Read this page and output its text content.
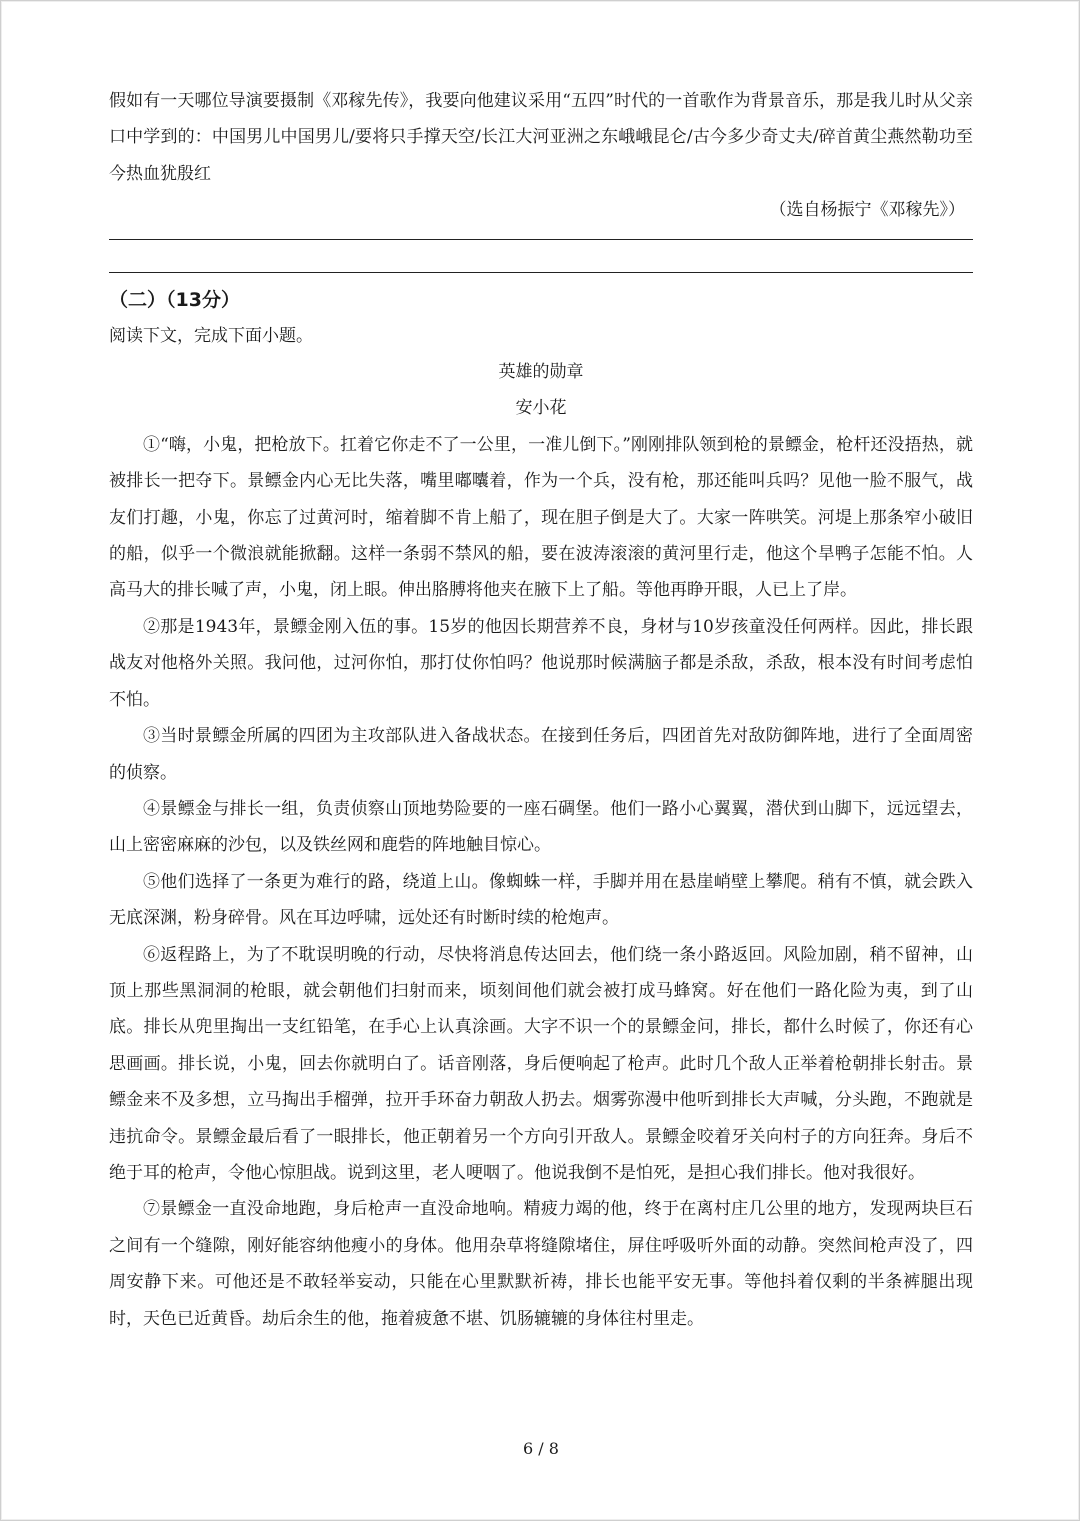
假如有一天哪位导演要摄制《邓稼先传》，我要向他建议采用“五四”时代的一首歌作为背景音乐，那是我儿时从父亲口中学到的：中国男儿中国男儿/要将只手撑天空/长江大河亚洲之东峨峨昆仑/古今多少奇丈夫/碎首黄尘燕然勒功至今热血犹殷红

（选自杨振宁《邓稼先》）

（二）（13分）

阅读下文，完成下面小题。

英雄的勋章

安小花

①“嗨，小鬼，把枪放下。扛着它你走不了一公里，一准儿倒下。”刚刚排队领到枪的景鳔金，枪杆还没捂热，就被排长一把夺下。景鳔金内心无比失落，嘴里嘟囔着，作为一个兵，没有枪，那还能叫兵吗？见他一脸不服气，战友们打趣，小鬼，你忘了过黄河时，缩着脚不肯上船了，现在胆子倒是大了。大家一阵哄笑。河堤上那条窄小破旧的船，似乎一个微浪就能掀翻。这样一条弱不禁风的船，要在波涛滚滚的黄河里行走，他这个旱鸭子怎能不怕。人高马大的排长喊了声，小鬼，闭上眼。伸出胳膊将他夹在腋下上了船。等他再睁开眼，人已上了岸。

②那是1943年，景鳔金刚入伍的事。15岁的他因长期营养不良，身材与10岁孩童没任何两样。因此，排长跟战友对他格外关照。我问他，过河你怕，那打仗你怕吗？他说那时候满脑子都是杀敌，杀敌，根本没有时间考虑怕不怕。

③当时景鳔金所属的四团为主攻部队进入备战状态。在接到任务后，四团首先对敌防御阵地，进行了全面周密的侦察。

④景鳔金与排长一组，负责侦察山顶地势险要的一座石碉堡。他们一路小心翼翼，潜伏到山脚下，远远望去，山上密密麻麻的沙包，以及铁丝网和鹿砦的阵地触目惊心。

⑤他们选择了一条更为难行的路，绕道上山。像蜘蛛一样，手脚并用在悬崖峭壁上攀爬。稍有不慎，就会跌入无底深渊，粉身碎骨。风在耳边呼啸，远处还有时断时续的枪炮声。

⑥返程路上，为了不耽误明晚的行动，尽快将消息传达回去，他们绕一条小路返回。风险加剧，稍不留神，山顶上那些黑洞洞的枪眼，就会朝他们扫射而来，顷刻间他们就会被打成马蜂窝。好在他们一路化险为夷，到了山底。排长从兜里掏出一支红铅笔，在手心上认真涂画。大字不识一个的景鳔金问，排长，都什么时候了，你还有心思画画。排长说，小鬼，回去你就明白了。话音刚落，身后便响起了枪声。此时几个敌人正举着枪朝排长射击。景鳔金来不及多想，立马掏出手榴弹，拉开手环奋力朝敌人扔去。烟雾弥漫中他听到排长大声喊，分头跑，不跑就是违抗命令。景鳔金最后看了一眼排长，他正朝着另一个方向引开敌人。景鳔金咬着牙关向村子的方向狂奔。身后不绝于耳的枪声，令他心惊胆战。说到这里，老人哽咽了。他说我倒不是怕死，是担心我们排长。他对我很好。

⑦景鳔金一直没命地跑，身后枪声一直没命地响。精疲力竭的他，终于在离村庄几公里的地方，发现两块巨石之间有一个缝隙，刚好能容纳他瘦小的身体。他用杂草将缝隙堵住，屏住呼吸听外面的动静。突然间枪声没了，四周安静下来。可他还是不敢轻举妄动，只能在心里默默祈祷，排长也能平安无事。等他抖着仅剩的半条裤腿出现时，天色已近黄昏。劫后余生的他，拖着疲惫不堪、饥肠辘辘的身体往村里走。

6 / 8
